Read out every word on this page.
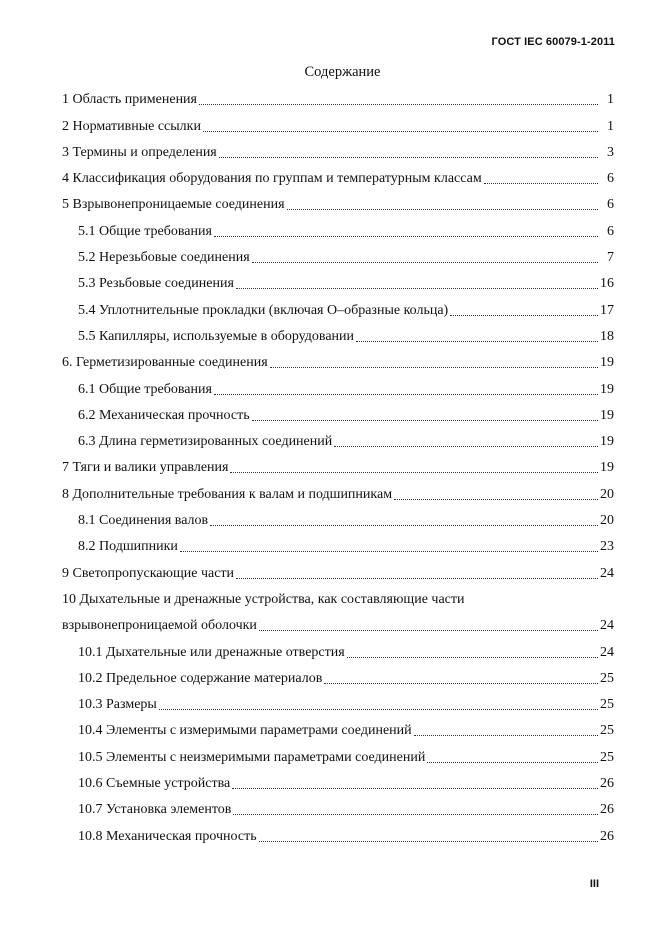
ГОСТ IEC 60079-1-2011
Содержание
1 Область применения	1
2 Нормативные ссылки	1
3 Термины и определения	3
4 Классификация оборудования по группам и температурным классам	6
5 Взрывонепроницаемые соединения	6
5.1 Общие требования	6
5.2 Нерезьбовые соединения	7
5.3 Резьбовые соединения	16
5.4 Уплотнительные прокладки (включая О–образные кольца)	17
5.5 Капилляры, используемые в оборудовании	18
6. Герметизированные соединения	19
6.1 Общие требования	19
6.2 Механическая прочность	19
6.3 Длина герметизированных соединений	19
7 Тяги и валики управления	19
8 Дополнительные требования к валам и подшипникам	20
8.1 Соединения валов	20
8.2 Подшипники	23
9 Светопропускающие части	24
10 Дыхательные и дренажные устройства, как составляющие части
взрывонепроницаемой оболочки	24
10.1 Дыхательные или дренажные отверстия	24
10.2 Предельное содержание материалов	25
10.3 Размеры	25
10.4 Элементы с измеримыми параметрами соединений	25
10.5 Элементы с неизмеримыми параметрами соединений	25
10.6 Съемные устройства	26
10.7 Установка элементов	26
10.8 Механическая прочность	26
III
